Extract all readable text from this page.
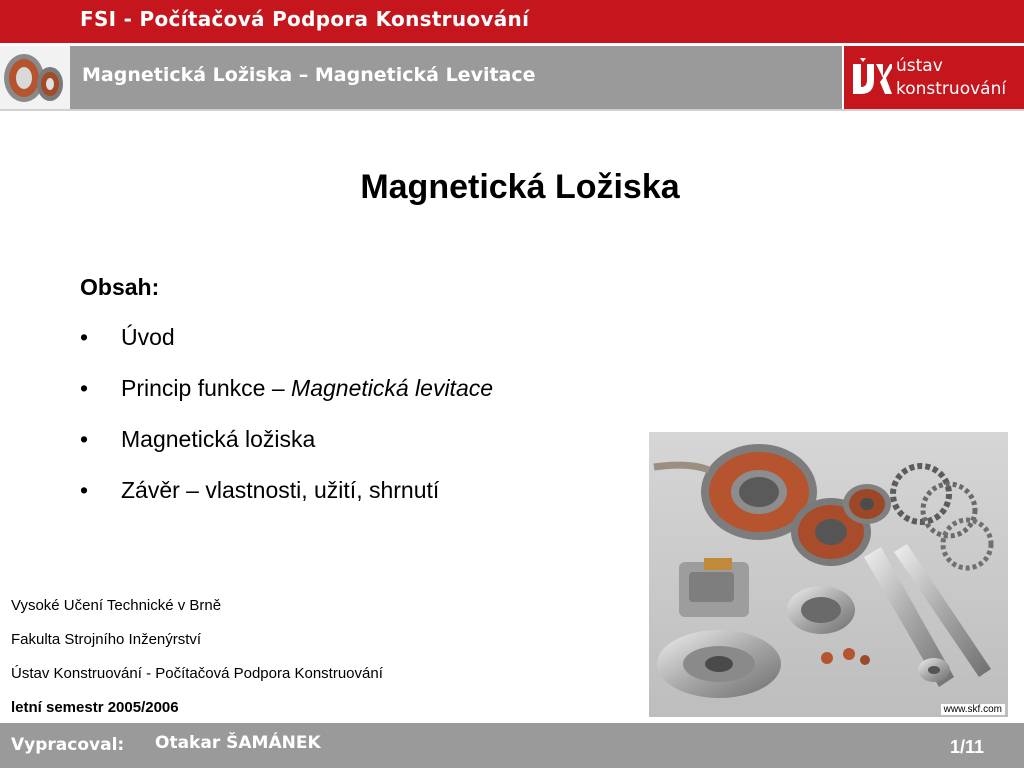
FSI - Počítačová Podpora Konstruování
Magnetická Ložiska – Magnetická Levitace	ústav
konstruování
Magnetická Ložiska
Obsah:
•	Úvod
•	Princip funkce – Magnetická levitace
•	Magnetická ložiska
•	Závěr – vlastnosti, užití, shrnutí
www.skf.com
Vysoké Učení Technické v Brně
Fakulta Strojního Inženýrství
Ústav Konstruování - Počítačová Podpora Konstruování
letní semestr 2005/2006
Vypracoval: Otakar ŠAMÁNEK	1/11
